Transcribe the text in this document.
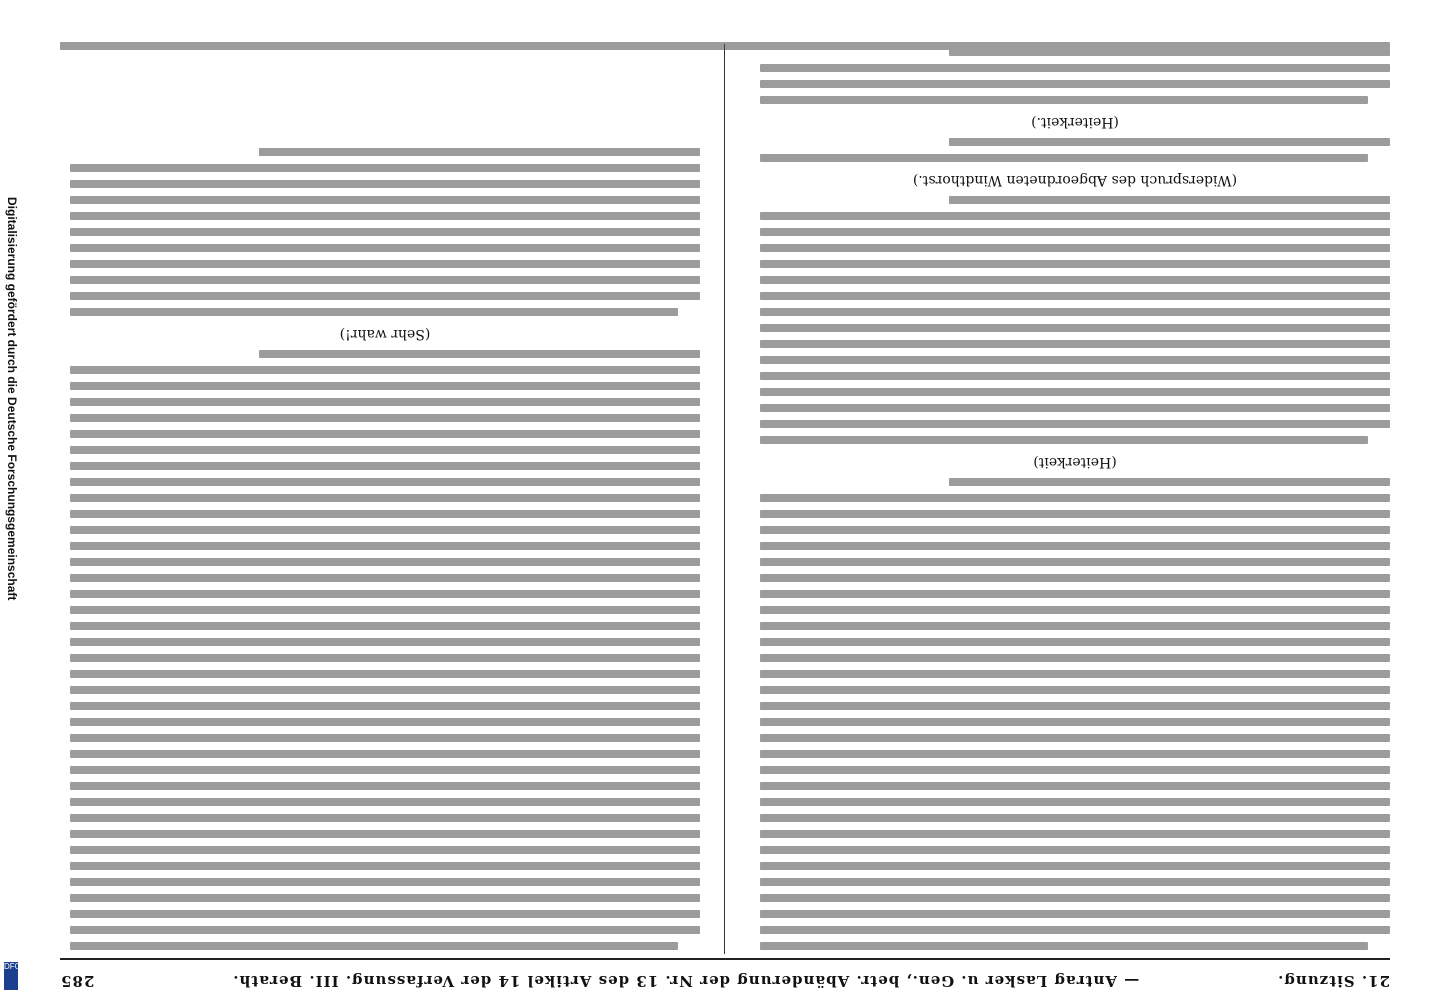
Digitalisierung gefördert durch die Deutsche Forschungsgemeinschaft
DFG
21. Sitzung.
— Antrag Lasker u. Gen., betr. Abänderung der Nr. 13 des Artikel 14 der Verfassung. III. Berath.
285
(Heiterkeit)
(Widerspruch des Abgeordneten Windthorst.)
(Heiterkeit.)
(Sehr wahr!)
